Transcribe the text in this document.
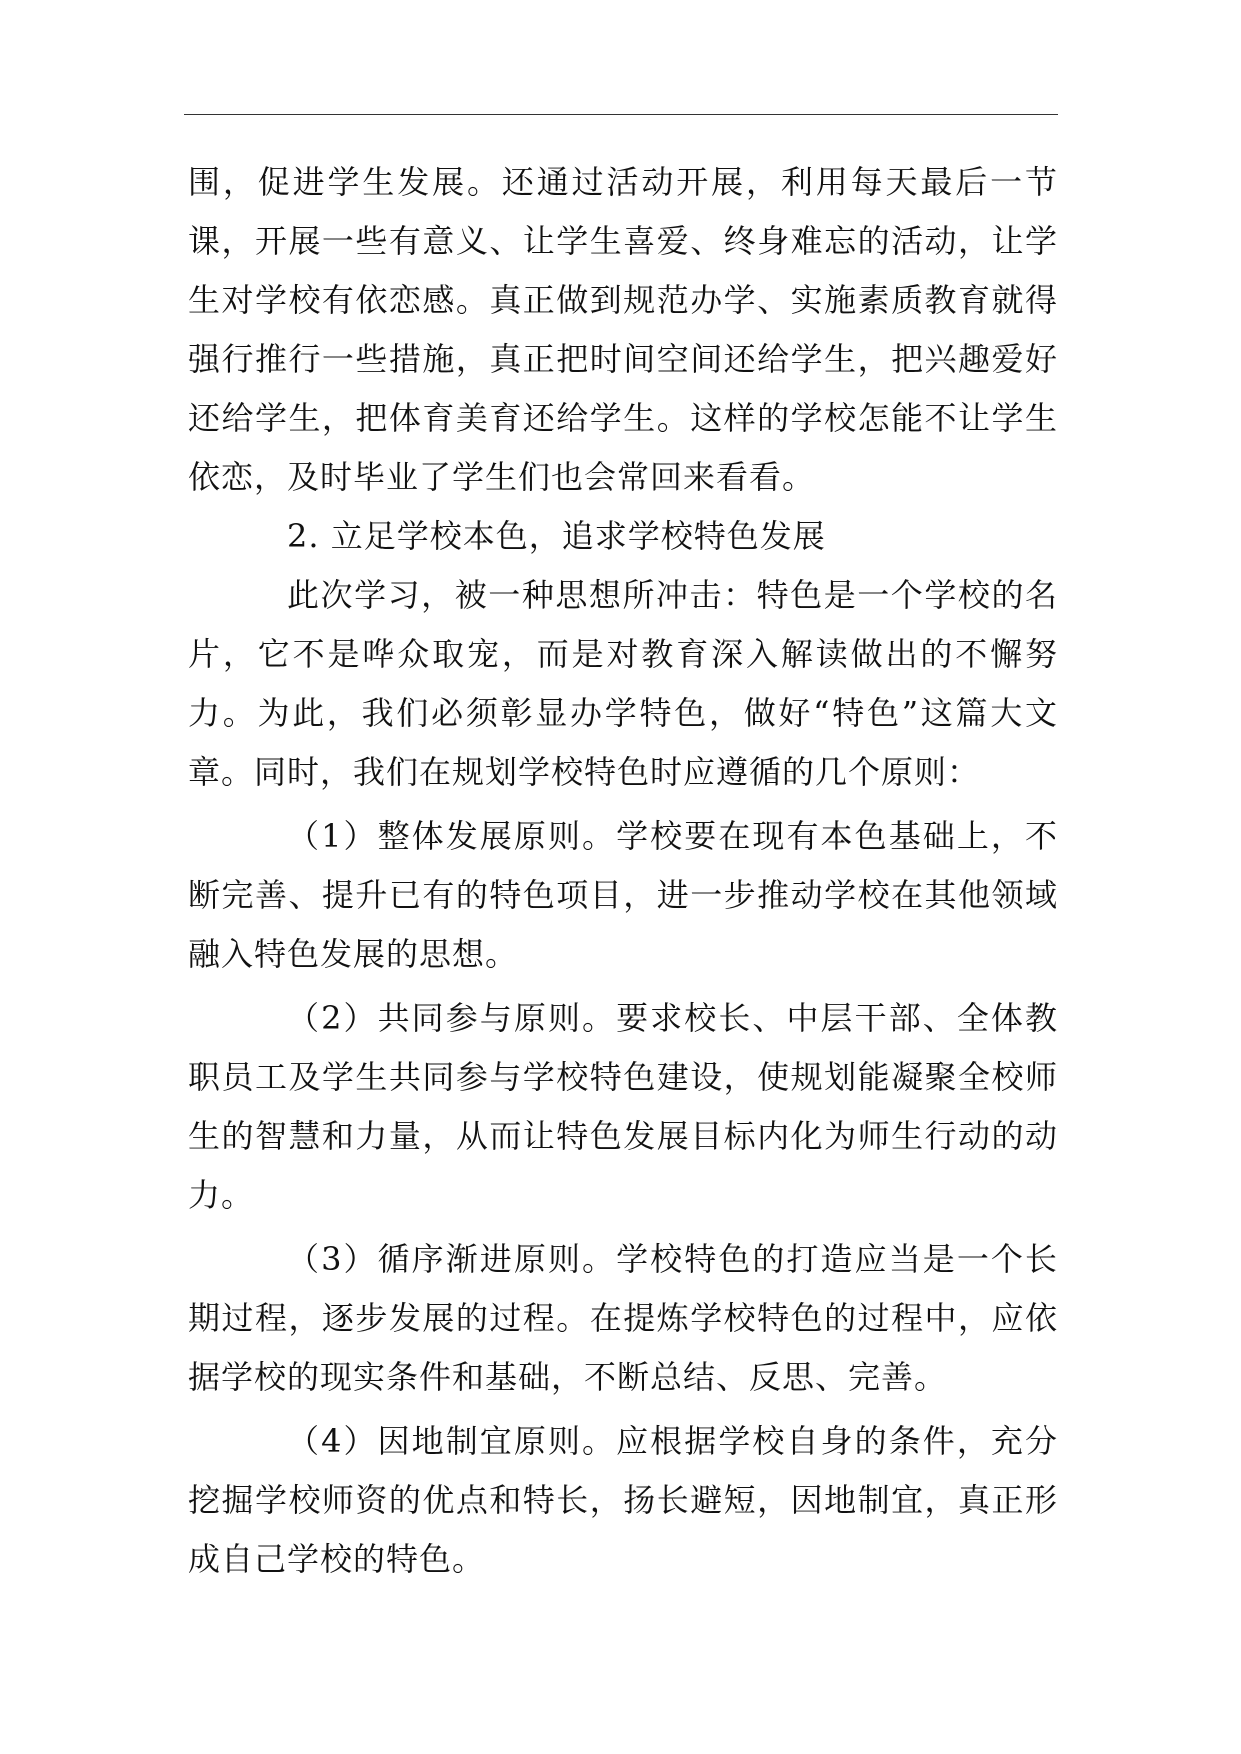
围，促进学生发展。还通过活动开展，利用每天最后一节课，开展一些有意义、让学生喜爱、终身难忘的活动，让学生对学校有依恋感。真正做到规范办学、实施素质教育就得强行推行一些措施，真正把时间空间还给学生，把兴趣爱好还给学生，把体育美育还给学生。这样的学校怎能不让学生依恋，及时毕业了学生们也会常回来看看。

2. 立足学校本色，追求学校特色发展

此次学习，被一种思想所冲击：特色是一个学校的名片，它不是哗众取宠，而是对教育深入解读做出的不懈努力。为此，我们必须彰显办学特色，做好“特色”这篇大文章。同时，我们在规划学校特色时应遵循的几个原则：

（1）整体发展原则。学校要在现有本色基础上，不断完善、提升已有的特色项目，进一步推动学校在其他领域融入特色发展的思想。

（2）共同参与原则。要求校长、中层干部、全体教职员工及学生共同参与学校特色建设，使规划能凝聚全校师生的智慧和力量，从而让特色发展目标内化为师生行动的动力。

（3）循序渐进原则。学校特色的打造应当是一个长期过程，逐步发展的过程。在提炼学校特色的过程中，应依据学校的现实条件和基础，不断总结、反思、完善。

（4）因地制宜原则。应根据学校自身的条件，充分挖掘学校师资的优点和特长，扬长避短，因地制宜，真正形成自己学校的特色。
